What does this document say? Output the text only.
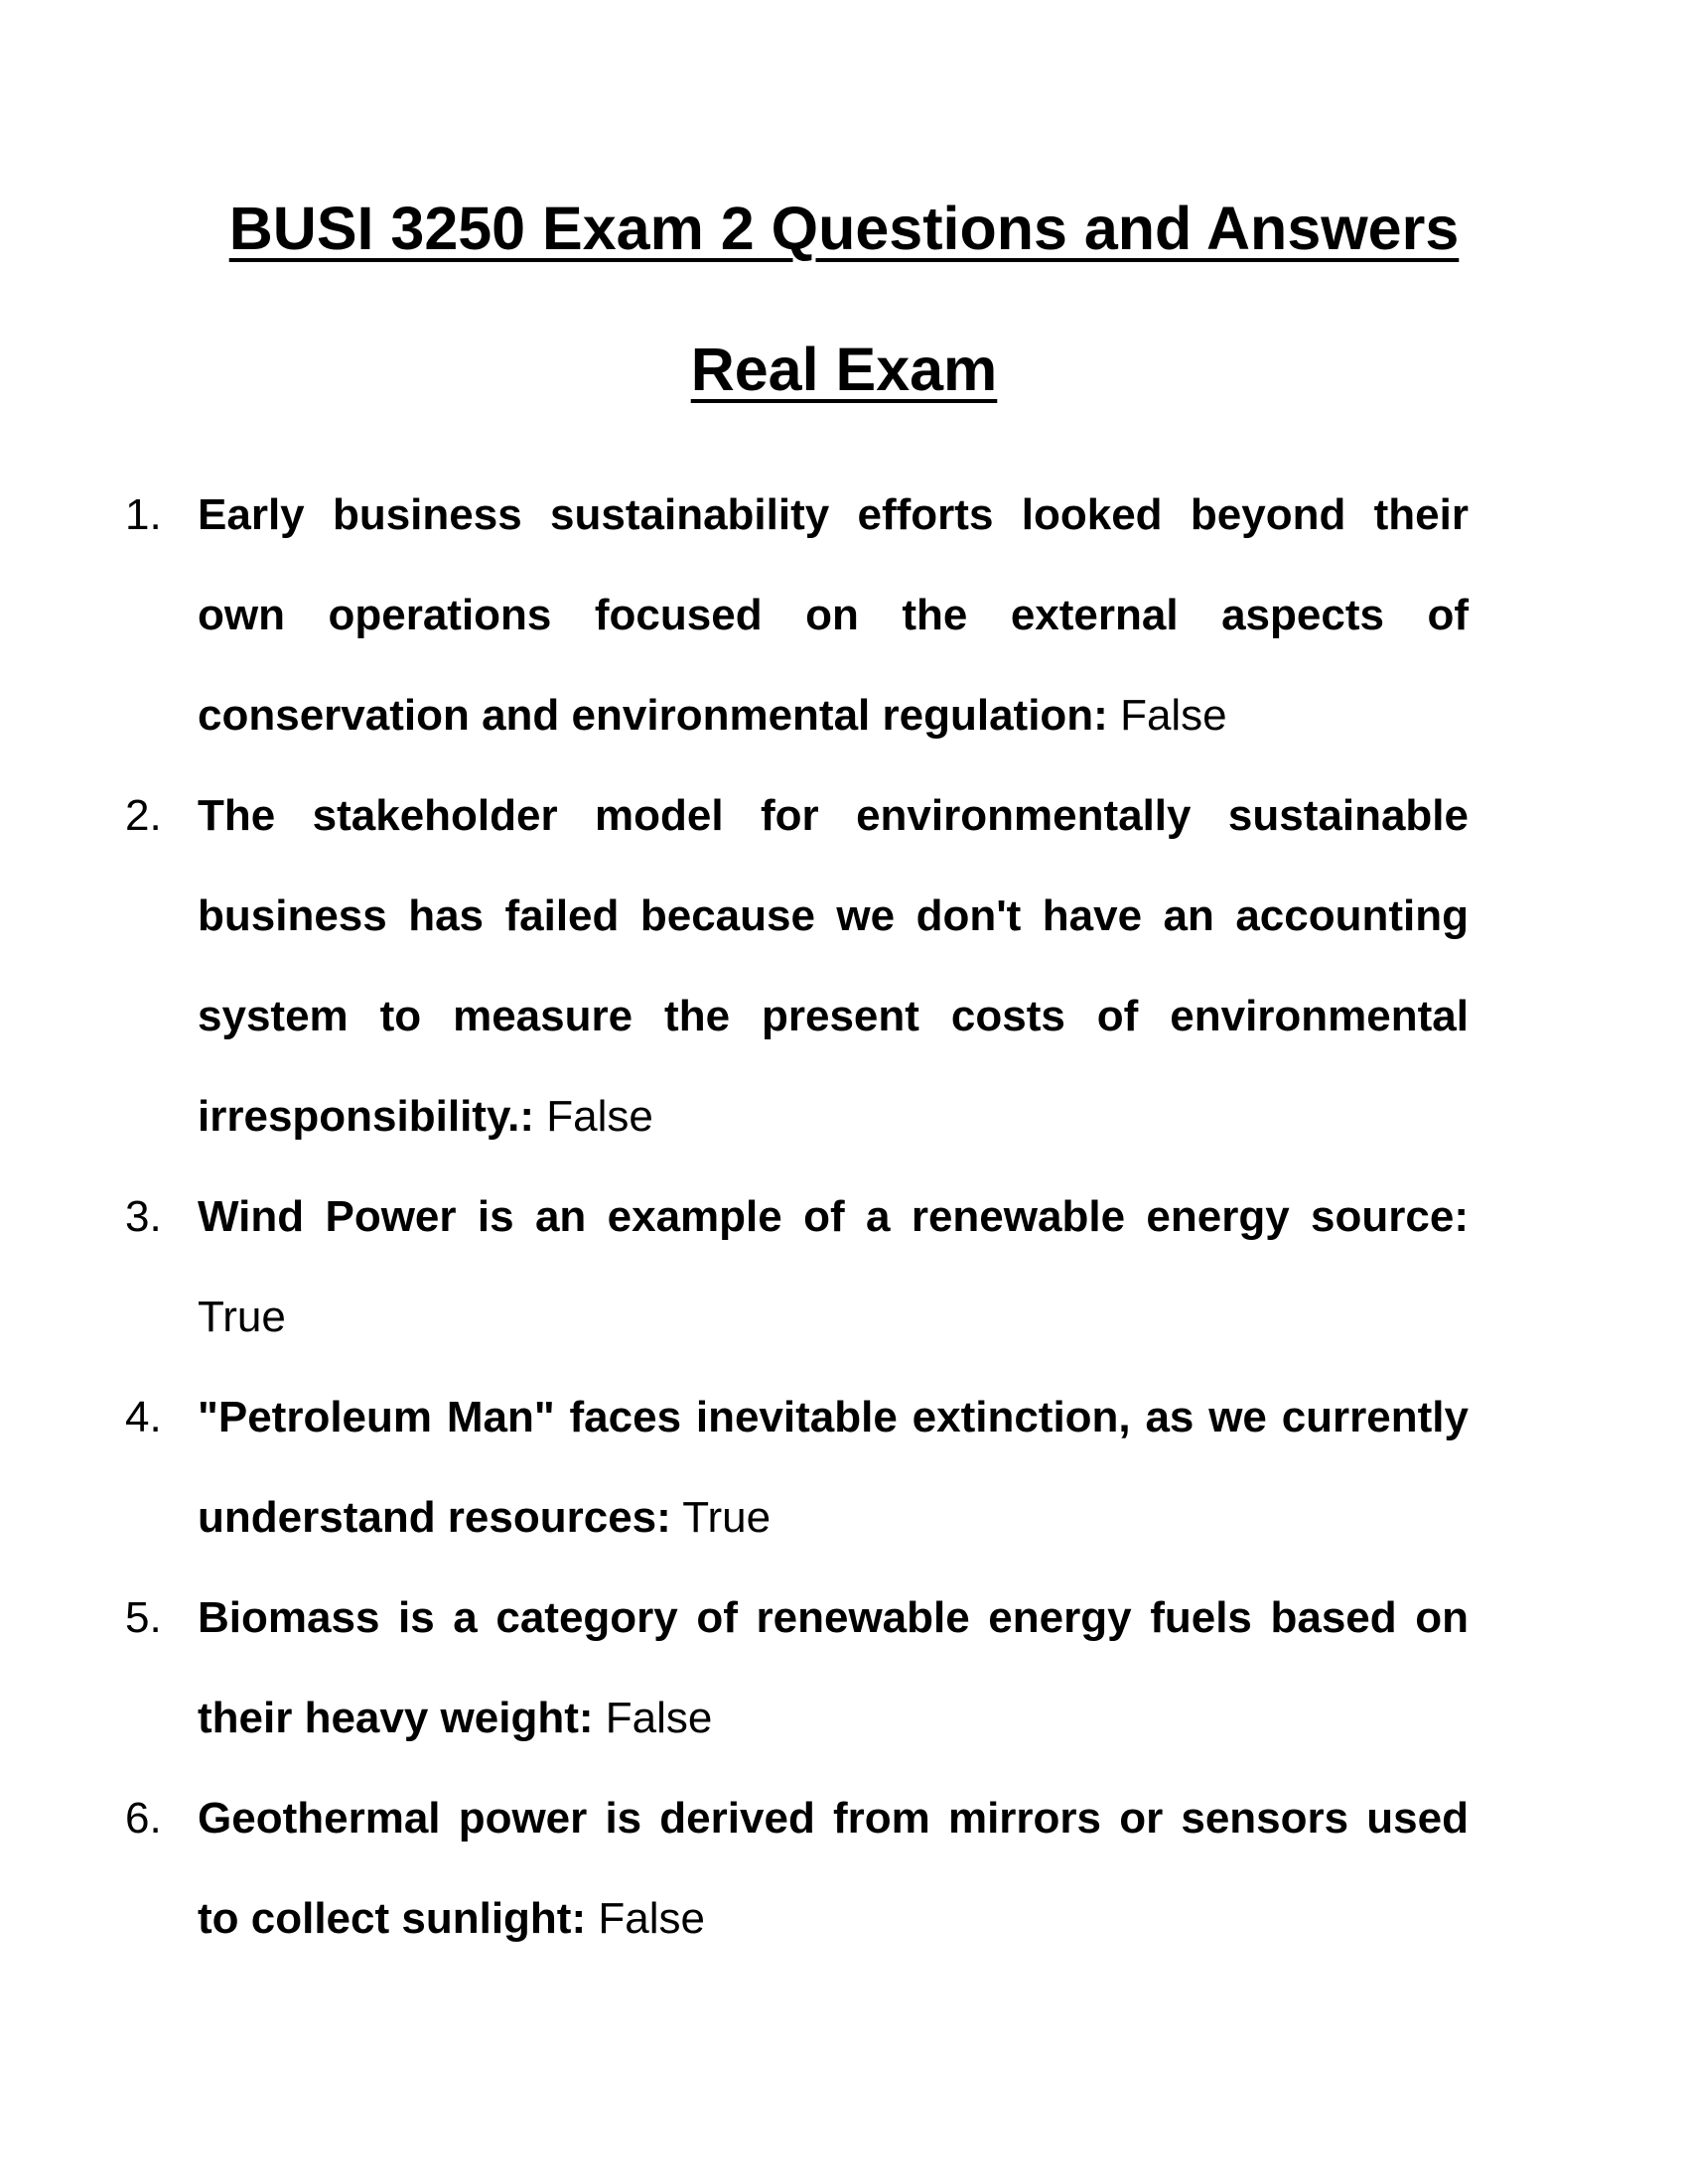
BUSI 3250 Exam 2 Questions and Answers
Real Exam
1. Early business sustainability efforts looked beyond their own operations focused on the external aspects of conservation and environmental regulation: False
2. The stakeholder model for environmentally sustainable business has failed because we don't have an accounting system to measure the present costs of environmental irresponsibility.: False
3. Wind Power is an example of a renewable energy source: True
4. "Petroleum Man" faces inevitable extinction, as we currently understand resources: True
5. Biomass is a category of renewable energy fuels based on their heavy weight: False
6. Geothermal power is derived from mirrors or sensors used to collect sunlight: False
